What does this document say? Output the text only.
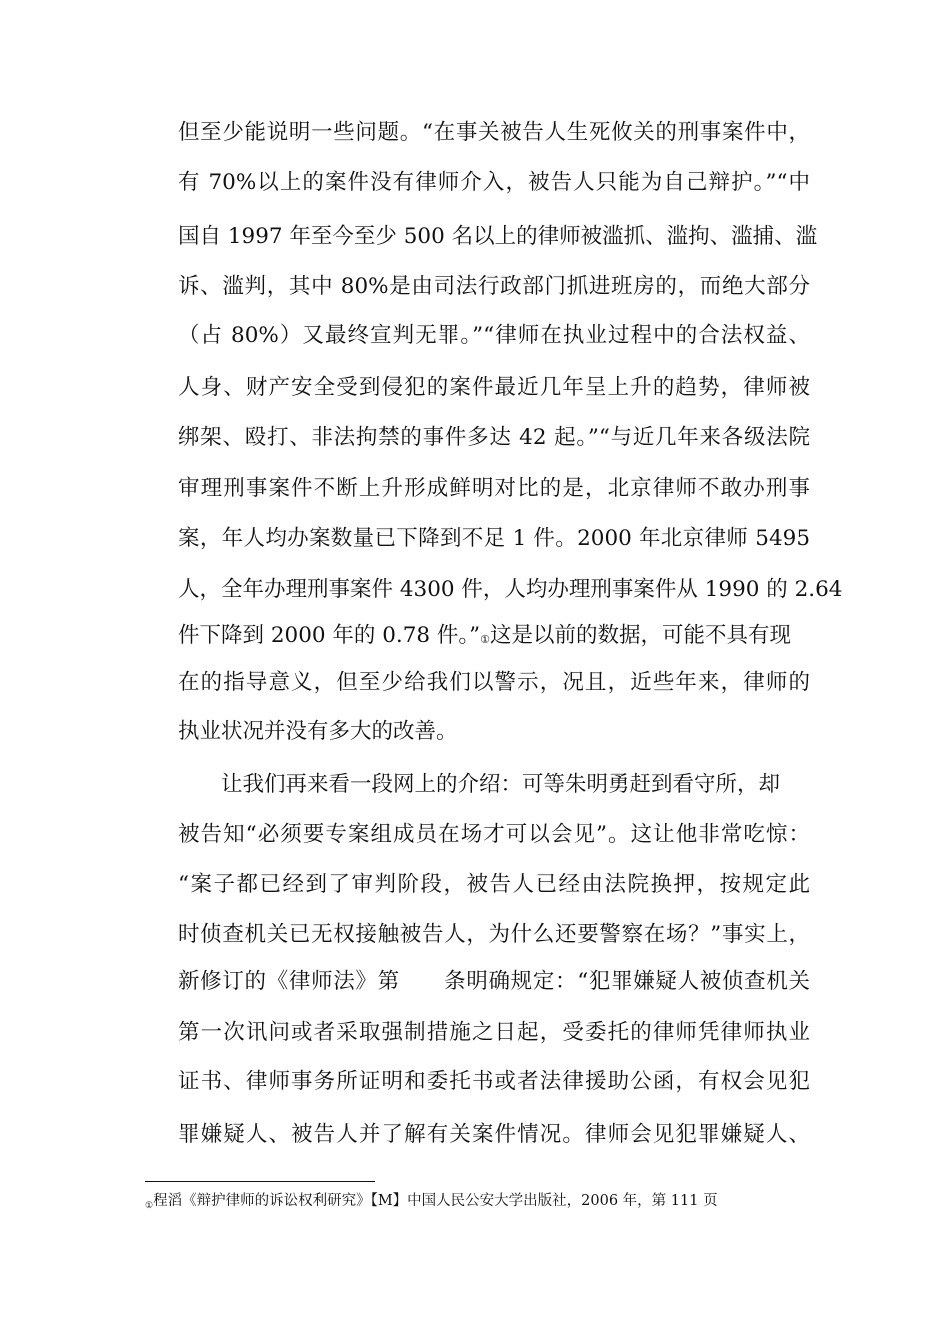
但至少能说明一些问题。“在事关被告人生死攸关的刑事案件中，
有 70%以上的案件没有律师介入，被告人只能为自己辩护。”“中
国自 1997 年至今至少 500 名以上的律师被滥抓、滥拘、滥捕、滥
诉、滥判，其中 80%是由司法行政部门抓进班房的，而绝大部分
（占 80%）又最终宣判无罪。”“律师在执业过程中的合法权益、
人身、财产安全受到侵犯的案件最近几年呈上升的趋势，律师被
绑架、殴打、非法拘禁的事件多达 42 起。”“与近几年来各级法院
审理刑事案件不断上升形成鲜明对比的是，北京律师不敢办刑事
案，年人均办案数量已下降到不足 1 件。2000 年北京律师 5495
人，全年办理刑事案件 4300 件，人均办理刑事案件从 1990 的 2.64
件下降到 2000 年的 0.78 件。”①这是以前的数据，可能不具有现
在的指导意义，但至少给我们以警示，况且，近些年来，律师的
执业状况并没有多大的改善。
让我们再来看一段网上的介绍：可等朱明勇赶到看守所，却
被告知“必须要专案组成员在场才可以会见”。这让他非常吃惊：
“案子都已经到了审判阶段，被告人已经由法院换押，按规定此
时侦查机关已无权接触被告人，为什么还要警察在场？”事实上，
新修订的《律师法》第　　条明确规定：“犯罪嫌疑人被侦查机关
第一次讯问或者采取强制措施之日起，受委托的律师凭律师执业
证书、律师事务所证明和委托书或者法律援助公函，有权会见犯
罪嫌疑人、被告人并了解有关案件情况。律师会见犯罪嫌疑人、
$_①$程滔《辩护律师的诉讼权利研究》【M】中国人民公安大学出版社，2006 年，第 111 页
